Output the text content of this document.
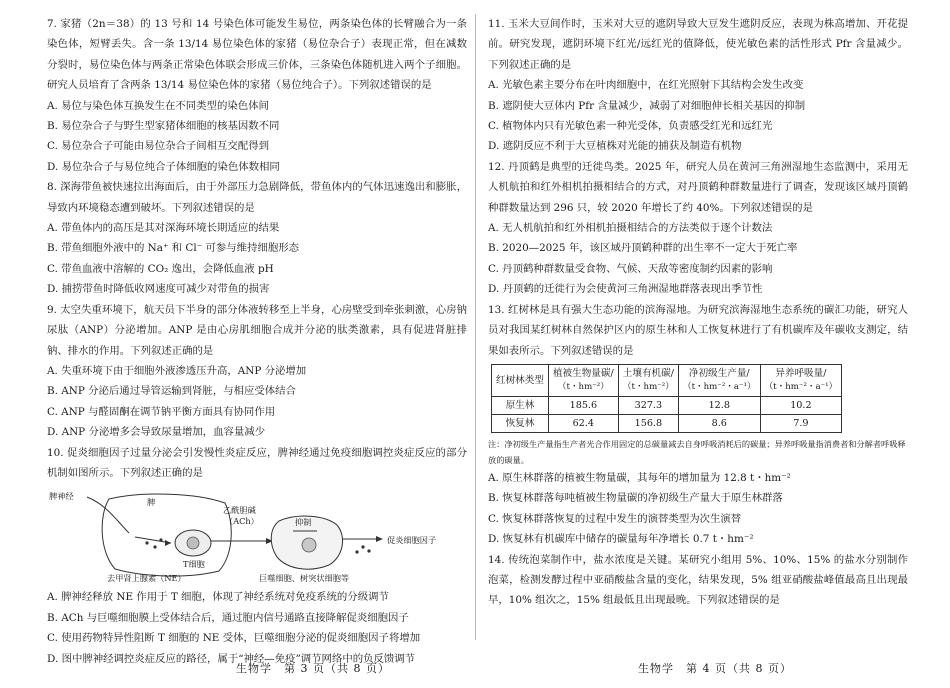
7. 家猪（2n＝38）的 13 号和 14 号染色体可能发生易位，两条染色体的长臂融合为一条染色体，短臂丢失。含一条 13/14 易位染色体的家猪（易位杂合子）表现正常，但在减数分裂时，易位染色体与两条正常染色体联会形成三价体，三条染色体随机进入两个子细胞。研究人员培育了含两条 13/14 易位染色体的家猪（易位纯合子）。下列叙述错误的是

A. 易位与染色体互换发生在不同类型的染色体间

B. 易位杂合子与野生型家猪体细胞的核基因数不同

C. 易位杂合子可能由易位杂合子间相互交配得到

D. 易位杂合子与易位纯合子体细胞的染色体数相同

8. 深海带鱼被快速拉出海面后，由于外部压力急剧降低，带鱼体内的气体迅速逸出和膨胀，导致内环境稳态遭到破坏。下列叙述错误的是

A. 带鱼体内的高压是其对深海环境长期适应的结果

B. 带鱼细胞外液中的 Na⁺ 和 Cl⁻ 可参与维持细胞形态

C. 带鱼血液中溶解的 CO₂ 逸出，会降低血液 pH

D. 捕捞带鱼时降低收网速度可减少对带鱼的损害

9. 太空失重环境下，航天员下半身的部分体液转移至上半身，心房壁受到牵张刺激，心房钠尿肽（ANP）分泌增加。ANP 是由心房肌细胞合成并分泌的肽类激素，具有促进肾脏排钠、排水的作用。下列叙述正确的是

A. 失重环境下由于细胞外液渗透压升高，ANP 分泌增加

B. ANP 分泌后通过导管运输到肾脏，与相应受体结合

C. ANP 与醛固酮在调节钠平衡方面具有协同作用

D. ANP 分泌增多会导致尿量增加，血容量减少

10. 促炎细胞因子过量分泌会引发慢性炎症反应，脾神经通过免疫细胞调控炎症反应的部分机制如图所示。下列叙述正确的是

脾神经
脾
乙酰胆碱
（ACh）
T细胞
去甲肾上腺素（NE）
抑制
巨噬细胞、树突状细胞等
促炎细胞因子

A. 脾神经释放 NE 作用于 T 细胞，体现了神经系统对免疫系统的分级调节

B. ACh 与巨噬细胞膜上受体结合后，通过胞内信号通路直接降解促炎细胞因子

C. 使用药物特异性阻断 T 细胞的 NE 受体，巨噬细胞分泌的促炎细胞因子将增加

D. 图中脾神经调控炎症反应的路径，属于“神经—免疫”调节网络中的负反馈调节

11. 玉米大豆间作时，玉米对大豆的遮阴导致大豆发生遮阴反应，表现为株高增加、开花提前。研究发现，遮阴环境下红光/远红光的值降低，使光敏色素的活性形式 Pfr 含量减少。下列叙述正确的是

A. 光敏色素主要分布在叶肉细胞中，在红光照射下其结构会发生改变

B. 遮阴使大豆体内 Pfr 含量减少，减弱了对细胞伸长相关基因的抑制

C. 植物体内只有光敏色素一种光受体，负责感受红光和远红光

D. 遮阴反应不利于大豆植株对光能的捕获及制造有机物

12. 丹顶鹤是典型的迁徙鸟类。2025 年，研究人员在黄河三角洲湿地生态监测中，采用无人机航拍和红外相机拍摄相结合的方式，对丹顶鹤种群数量进行了调查，发现该区域丹顶鹤种群数量达到 296 只，较 2020 年增长了约 40%。下列叙述错误的是

A. 无人机航拍和红外相机拍摄相结合的方法类似于逐个计数法

B. 2020—2025 年，该区域丹顶鹤种群的出生率不一定大于死亡率

C. 丹顶鹤种群数量受食物、气候、天敌等密度制约因素的影响

D. 丹顶鹤的迁徙行为会使黄河三角洲湿地群落表现出季节性

13. 红树林是具有强大生态功能的滨海湿地。为研究滨海湿地生态系统的碳汇功能，研究人员对我国某红树林自然保护区内的原生林和人工恢复林进行了有机碳库及年碳收支测定，结果如表所示。下列叙述错误的是

红树林类型	植被生物量碳/
（t・hm⁻²）	土壤有机碳/
（t・hm⁻²）	净初级生产量/
（t・hm⁻²・a⁻¹）	异养呼吸量/
（t・hm⁻²・a⁻¹）
原生林	185.6	327.3	12.8	10.2
恢复林	62.4	156.8	8.6	7.9

注：净初级生产量指生产者光合作用固定的总碳量减去自身呼吸消耗后的碳量；异养呼吸量指消费者和分解者呼吸释放的碳量。

A. 原生林群落的植被生物量碳，其每年的增加量为 12.8 t・hm⁻²

B. 恢复林群落每吨植被生物量碳的净初级生产量大于原生林群落

C. 恢复林群落恢复的过程中发生的演替类型为次生演替

D. 恢复林有机碳库中储存的碳量每年净增长 0.7 t・hm⁻²

14. 传统泡菜制作中，盐水浓度是关键。某研究小组用 5%、10%、15% 的盐水分别制作泡菜，检测发酵过程中亚硝酸盐含量的变化，结果发现，5% 组亚硝酸盐峰值最高且出现最早，10% 组次之，15% 组最低且出现最晚。下列叙述错误的是

生物学　第 3 页（共 8 页）	生物学　第 4 页（共 8 页）
